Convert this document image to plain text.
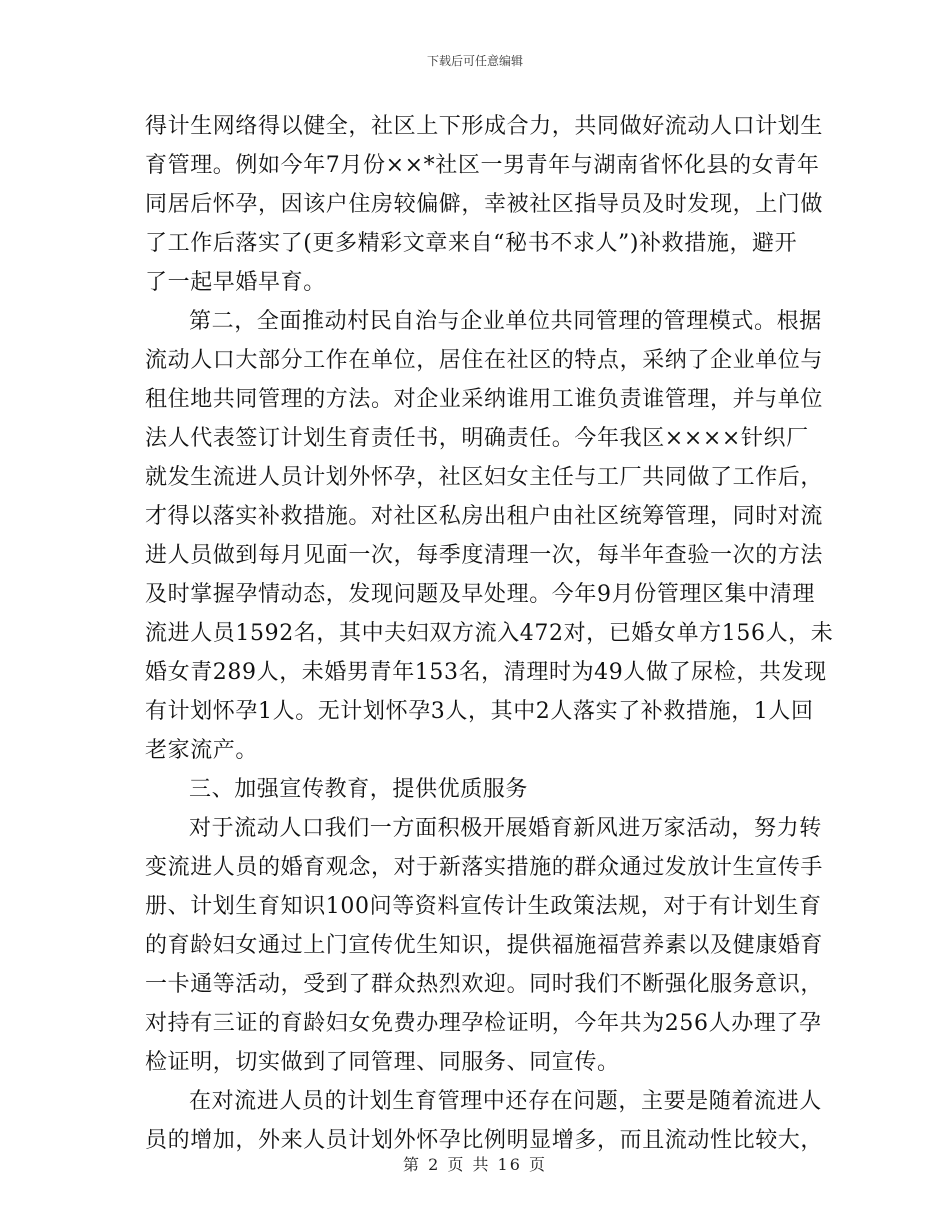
下载后可任意编辑
得计生网络得以健全，社区上下形成合力，共同做好流动人口计划生
育管理。例如今年7月份××*社区一男青年与湖南省怀化县的女青年
同居后怀孕，因该户住房较偏僻，幸被社区指导员及时发现，上门做
了工作后落实了(更多精彩文章来自“秘书不求人”)补救措施，避开
了一起早婚早育。
第二，全面推动村民自治与企业单位共同管理的管理模式。根据
流动人口大部分工作在单位，居住在社区的特点，采纳了企业单位与
租住地共同管理的方法。对企业采纳谁用工谁负责谁管理，并与单位
法人代表签订计划生育责任书，明确责任。今年我区××××针织厂
就发生流进人员计划外怀孕，社区妇女主任与工厂共同做了工作后，
才得以落实补救措施。对社区私房出租户由社区统筹管理，同时对流
进人员做到每月见面一次，每季度清理一次，每半年查验一次的方法
及时掌握孕情动态，发现问题及早处理。今年9月份管理区集中清理
流进人员1592名，其中夫妇双方流入472对，已婚女单方156人，未
婚女青289人，未婚男青年153名，清理时为49人做了尿检，共发现
有计划怀孕1人。无计划怀孕3人，其中2人落实了补救措施，1人回
老家流产。
三、加强宣传教育，提供优质服务
对于流动人口我们一方面积极开展婚育新风进万家活动，努力转
变流进人员的婚育观念，对于新落实措施的群众通过发放计生宣传手
册、计划生育知识100问等资料宣传计生政策法规，对于有计划生育
的育龄妇女通过上门宣传优生知识，提供福施福营养素以及健康婚育
一卡通等活动，受到了群众热烈欢迎。同时我们不断强化服务意识，
对持有三证的育龄妇女免费办理孕检证明，今年共为256人办理了孕
检证明，切实做到了同管理、同服务、同宣传。
在对流进人员的计划生育管理中还存在问题，主要是随着流进人
员的增加，外来人员计划外怀孕比例明显增多，而且流动性比较大，
第 2 页 共 16 页
